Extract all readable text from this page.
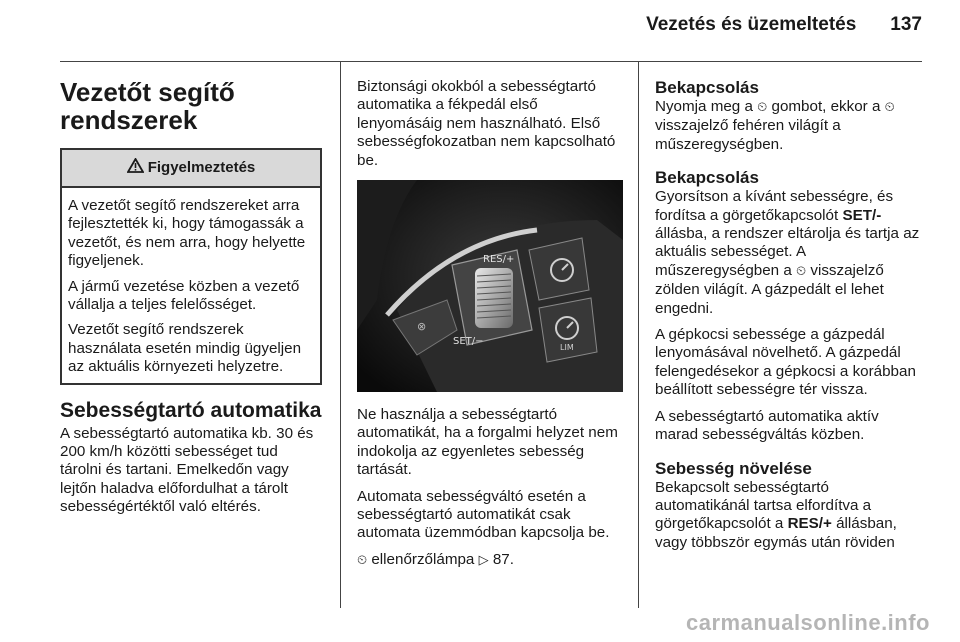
Vezetés és üzemeltetés 137
Vezetőt segítő
rendszerek
Figyelmeztetés

A vezetőt segítő rendszereket arra fejlesztették ki, hogy támogassák a vezetőt, és nem arra, hogy helyette figyeljenek.

A jármű vezetése közben a vezető vállalja a teljes felelősséget.

Vezetőt segítő rendszerek használata esetén mindig ügyeljen az aktuális környezeti helyzetre.

Sebességtartó automatika

A sebességtartó automatika kb. 30 és 200 km/h közötti sebességet tud tárolni és tartani. Emelkedőn vagy lejtőn haladva előfordulhat a tárolt sebességértéktől való eltérés.

Biztonsági okokból a sebességtartó automatika a fékpedál első lenyomásáig nem használható. Első sebességfokozatban nem kapcsolható be.

⊗
RES/+
SET/−
LIM

Ne használja a sebességtartó automatikát, ha a forgalmi helyzet nem indokolja az egyenletes sebesség tartását.

Automata sebességváltó esetén a sebességtartó automatikát csak automata üzemmódban kapcsolja be.

⏲ ellenőrzőlámpa ▷ 87.

Bekapcsolás

Nyomja meg a ⏲ gombot, ekkor a ⏲ visszajelző fehéren világít a műszeregységben.

Bekapcsolás

Gyorsítson a kívánt sebességre, és fordítsa a görgetőkapcsolót SET/- állásba, a rendszer eltárolja és tartja az aktuális sebességet. A műszeregységben a ⏲ visszajelző zölden világít. A gázpedált el lehet engedni.

A gépkocsi sebessége a gázpedál lenyomásával növelhető. A gázpedál felengedésekor a gépkocsi a korábban beállított sebességre tér vissza.

A sebességtartó automatika aktív marad sebességváltás közben.

Sebesség növelése

Bekapcsolt sebességtartó automatikánál tartsa elfordítva a görgetőkapcsolót a RES/+ állásban, vagy többször egymás után röviden

carmanualsonline.info
